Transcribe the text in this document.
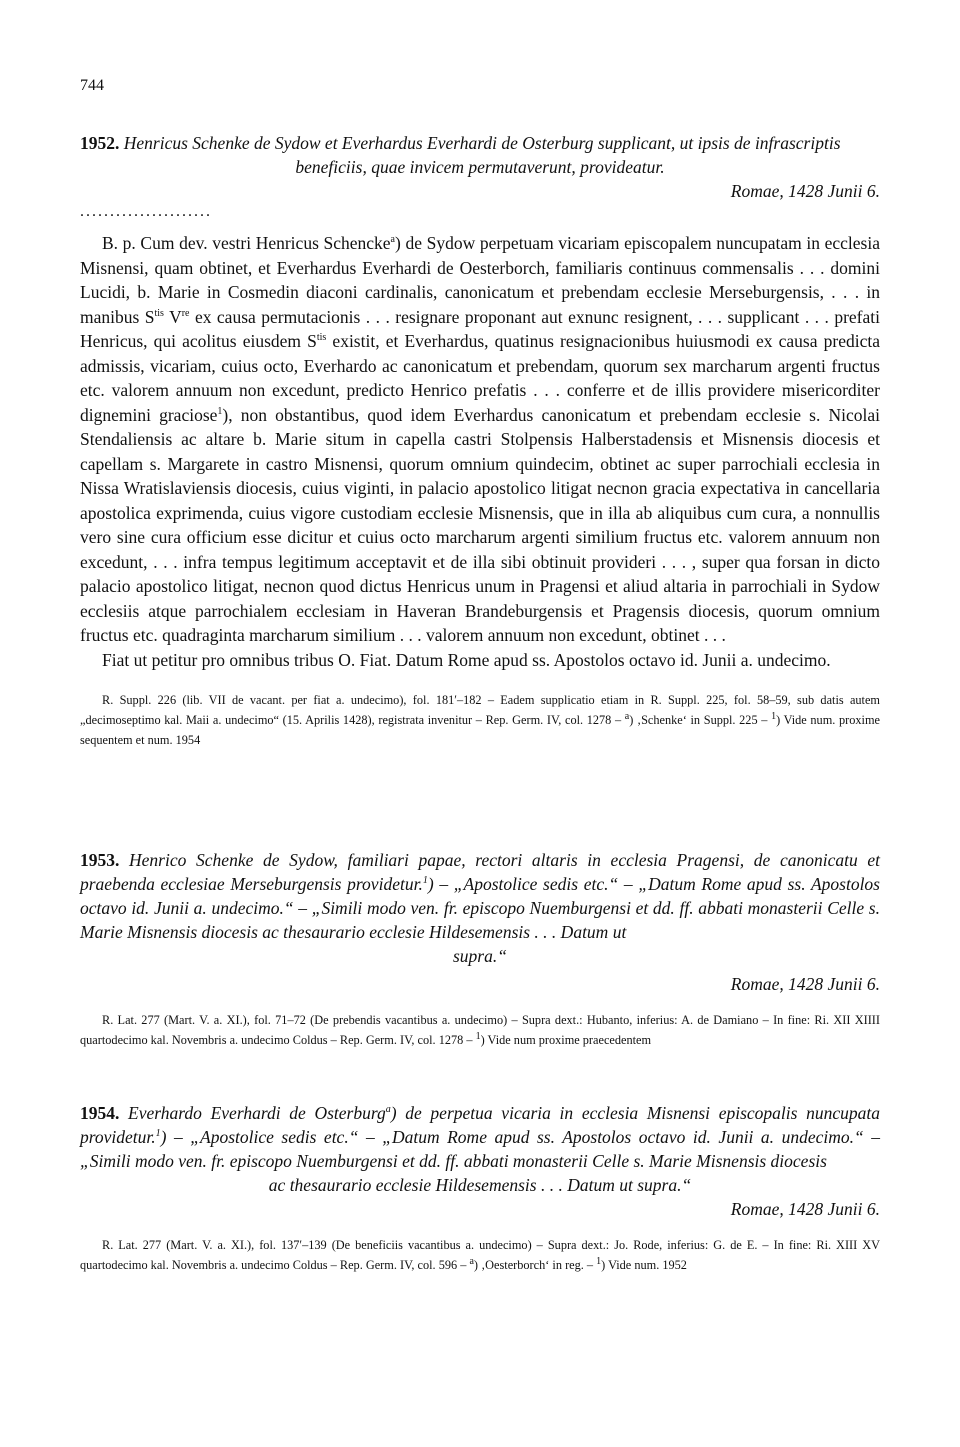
744
1952. Henricus Schenke de Sydow et Everhardus Everhardi de Osterburg supplicant, ut ipsis de infrascriptis
beneficiis, quae invicem permutaverunt, provideatur.
Romae, 1428 Junii 6.
......................

B. p. Cum dev. vestri Henricus Schencke$^a$) de Sydow perpetuam vicariam episcopalem nuncupatam in ecclesia Misnensi, quam obtinet, et Everhardus Everhardi de Oesterborch, familiaris continuus commensalis . . . domini Lucidi, b. Marie in Cosmedin diaconi cardinalis, canonicatum et prebendam ecclesie Merseburgensis, . . . in manibus $S^{tis}$ Vre ex causa permutacionis . . . resignare proponant aut exnunc resignent, . . . supplicant . . . prefati Henricus, qui acolitus eiusdem $S^{tis}$ existit, et Everhardus, quatinus resignacionibus huiusmodi ex causa predicta admissis, vicariam, cuius octo, Everhardo ac canonicatum et prebendam, quorum sex marcharum argenti fructus etc. valorem annuum non excedunt, predicto Henrico prefatis . . . conferre et de illis providere misericorditer dignemini graciose$^1$), non obstantibus, quod idem Everhardus canonicatum et prebendam ecclesie s. Nicolai Stendaliensis ac altare b. Marie situm in capella castri Stolpensis Halberstadensis et Misnensis diocesis et capellam s. Margarete in castro Misnensi, quorum omnium quindecim, obtinet ac super parrochiali ecclesia in Nissa Wratislaviensis diocesis, cuius viginti, in palacio apostolico litigat necnon gracia expectativa in cancellaria apostolica exprimenda, cuius vigore custodiam ecclesie Misnensis, que in illa ab aliquibus cum cura, a nonnullis vero sine cura officium esse dicitur et cuius octo marcharum argenti similium fructus etc. valorem annuum non excedunt, . . . infra tempus legitimum acceptavit et de illa sibi obtinuit provideri . . . , super qua forsan in dicto palacio apostolico litigat, necnon quod dictus Henricus unum in Pragensi et aliud altaria in parrochiali in Sydow ecclesiis atque parrochialem ecclesiam in Haveran Brandeburgensis et Pragensis diocesis, quorum omnium fructus etc. quadraginta marcharum similium . . . valorem annuum non excedunt, obtinet . . .

Fiat ut petitur pro omnibus tribus O. Fiat. Datum Rome apud ss. Apostolos octavo id. Junii a. undecimo.

R. Suppl. 226 (lib. VII de vacant. per fiat a. undecimo), fol. 181′–182 – Eadem supplicatio etiam in R. Suppl. 225, fol. 58–59, sub datis autem „decimoseptimo kal. Maii a. undecimo“ (15. Aprilis 1428), registrata invenitur – Rep. Germ. IV, col. 1278 – $^a$) ‚Schenke‘ in Suppl. 225 – $^1$) Vide num. proxime sequentem et num. 1954

1953. Henrico Schenke de Sydow, familiari papae, rectori altaris in ecclesia Pragensi, de canonicatu et praebenda ecclesiae Merseburgensis providetur.$^1$) – „Apostolice sedis etc.“ – „Datum Rome apud ss. Apostolos octavo id. Junii a. undecimo.“ – „Simili modo ven. fr. episcopo Nuemburgensi et dd. ff. abbati monasterii Celle s. Marie Misnensis diocesis ac thesaurario ecclesie Hildesemensis . . . Datum ut
supra.“
Romae, 1428 Junii 6.

R. Lat. 277 (Mart. V. a. XI.), fol. 71–72 (De prebendis vacantibus a. undecimo) – Supra dext.: Hubanto, inferius: A. de Damiano – In fine: Ri. XII XIIII quartodecimo kal. Novembris a. undecimo Coldus – Rep. Germ. IV, col. 1278 – $^1$) Vide num proxime praecedentem

1954. Everhardo Everhardi de Osterburg$^a$) de perpetua vicaria in ecclesia Misnensi episcopalis nuncupata providetur.$^1$) – „Apostolice sedis etc.“ – „Datum Rome apud ss. Apostolos octavo id. Junii a. undecimo.“ – „Simili modo ven. fr. episcopo Nuemburgensi et dd. ff. abbati monasterii Celle s. Marie Misnensis diocesis
ac thesaurario ecclesie Hildesemensis . . . Datum ut supra.“
Romae, 1428 Junii 6.

R. Lat. 277 (Mart. V. a. XI.), fol. 137′–139 (De beneficiis vacantibus a. undecimo) – Supra dext.: Jo. Rode, inferius: G. de E. – In fine: Ri. XIII XV quartodecimo kal. Novembris a. undecimo Coldus – Rep. Germ. IV, col. 596 – $^a$) ‚Oesterborch‘ in reg. – $^1$) Vide num. 1952
